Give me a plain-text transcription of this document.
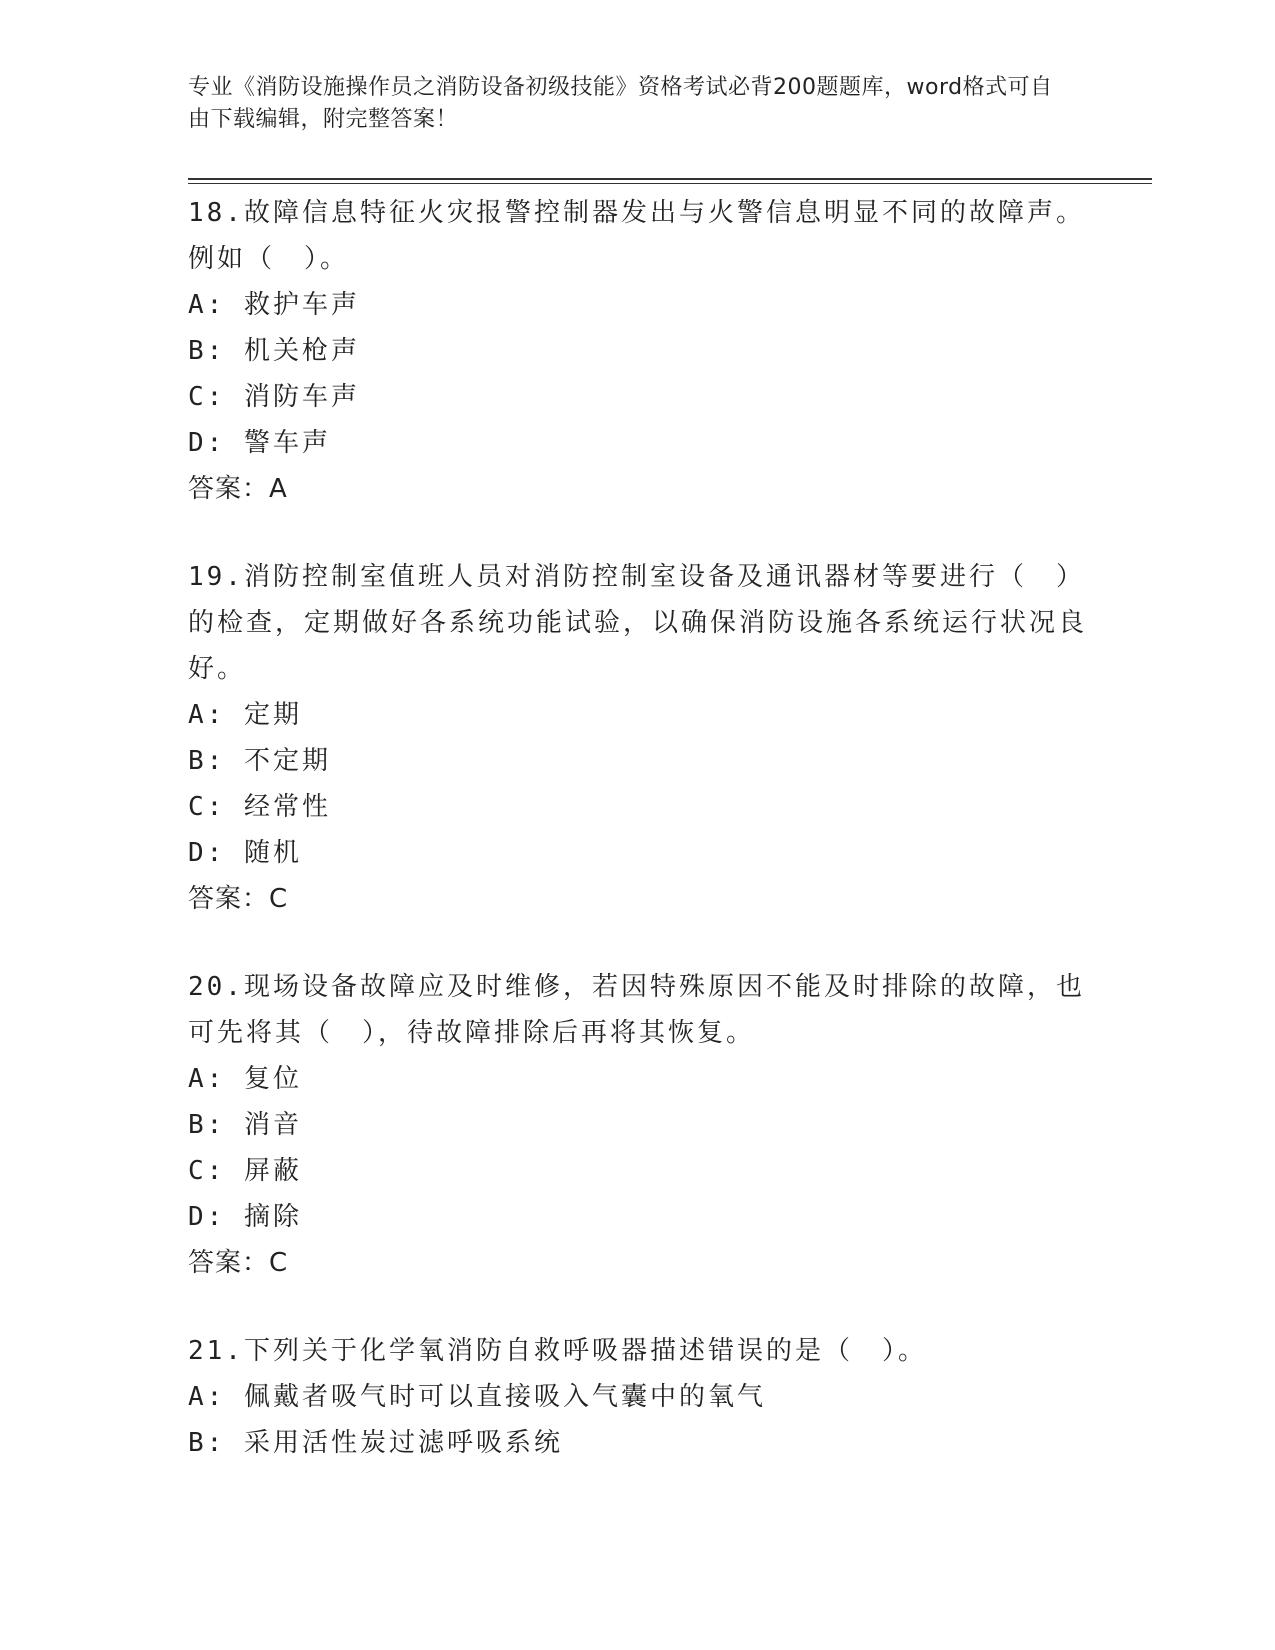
专业《消防设施操作员之消防设备初级技能》资格考试必背200题题库，word格式可自由下载编辑，附完整答案！
18.故障信息特征火灾报警控制器发出与火警信息明显不同的故障声。例如（　）。
A: 救护车声
B: 机关枪声
C: 消防车声
D: 警车声
答案：A
19.消防控制室值班人员对消防控制室设备及通讯器材等要进行（　）的检查，定期做好各系统功能试验，以确保消防设施各系统运行状况良好。
A: 定期
B: 不定期
C: 经常性
D: 随机
答案：C
20.现场设备故障应及时维修，若因特殊原因不能及时排除的故障，也可先将其（　），待故障排除后再将其恢复。
A: 复位
B: 消音
C: 屏蔽
D: 摘除
答案：C
21.下列关于化学氧消防自救呼吸器描述错误的是（　）。
A: 佩戴者吸气时可以直接吸入气囊中的氧气
B: 采用活性炭过滤呼吸系统
